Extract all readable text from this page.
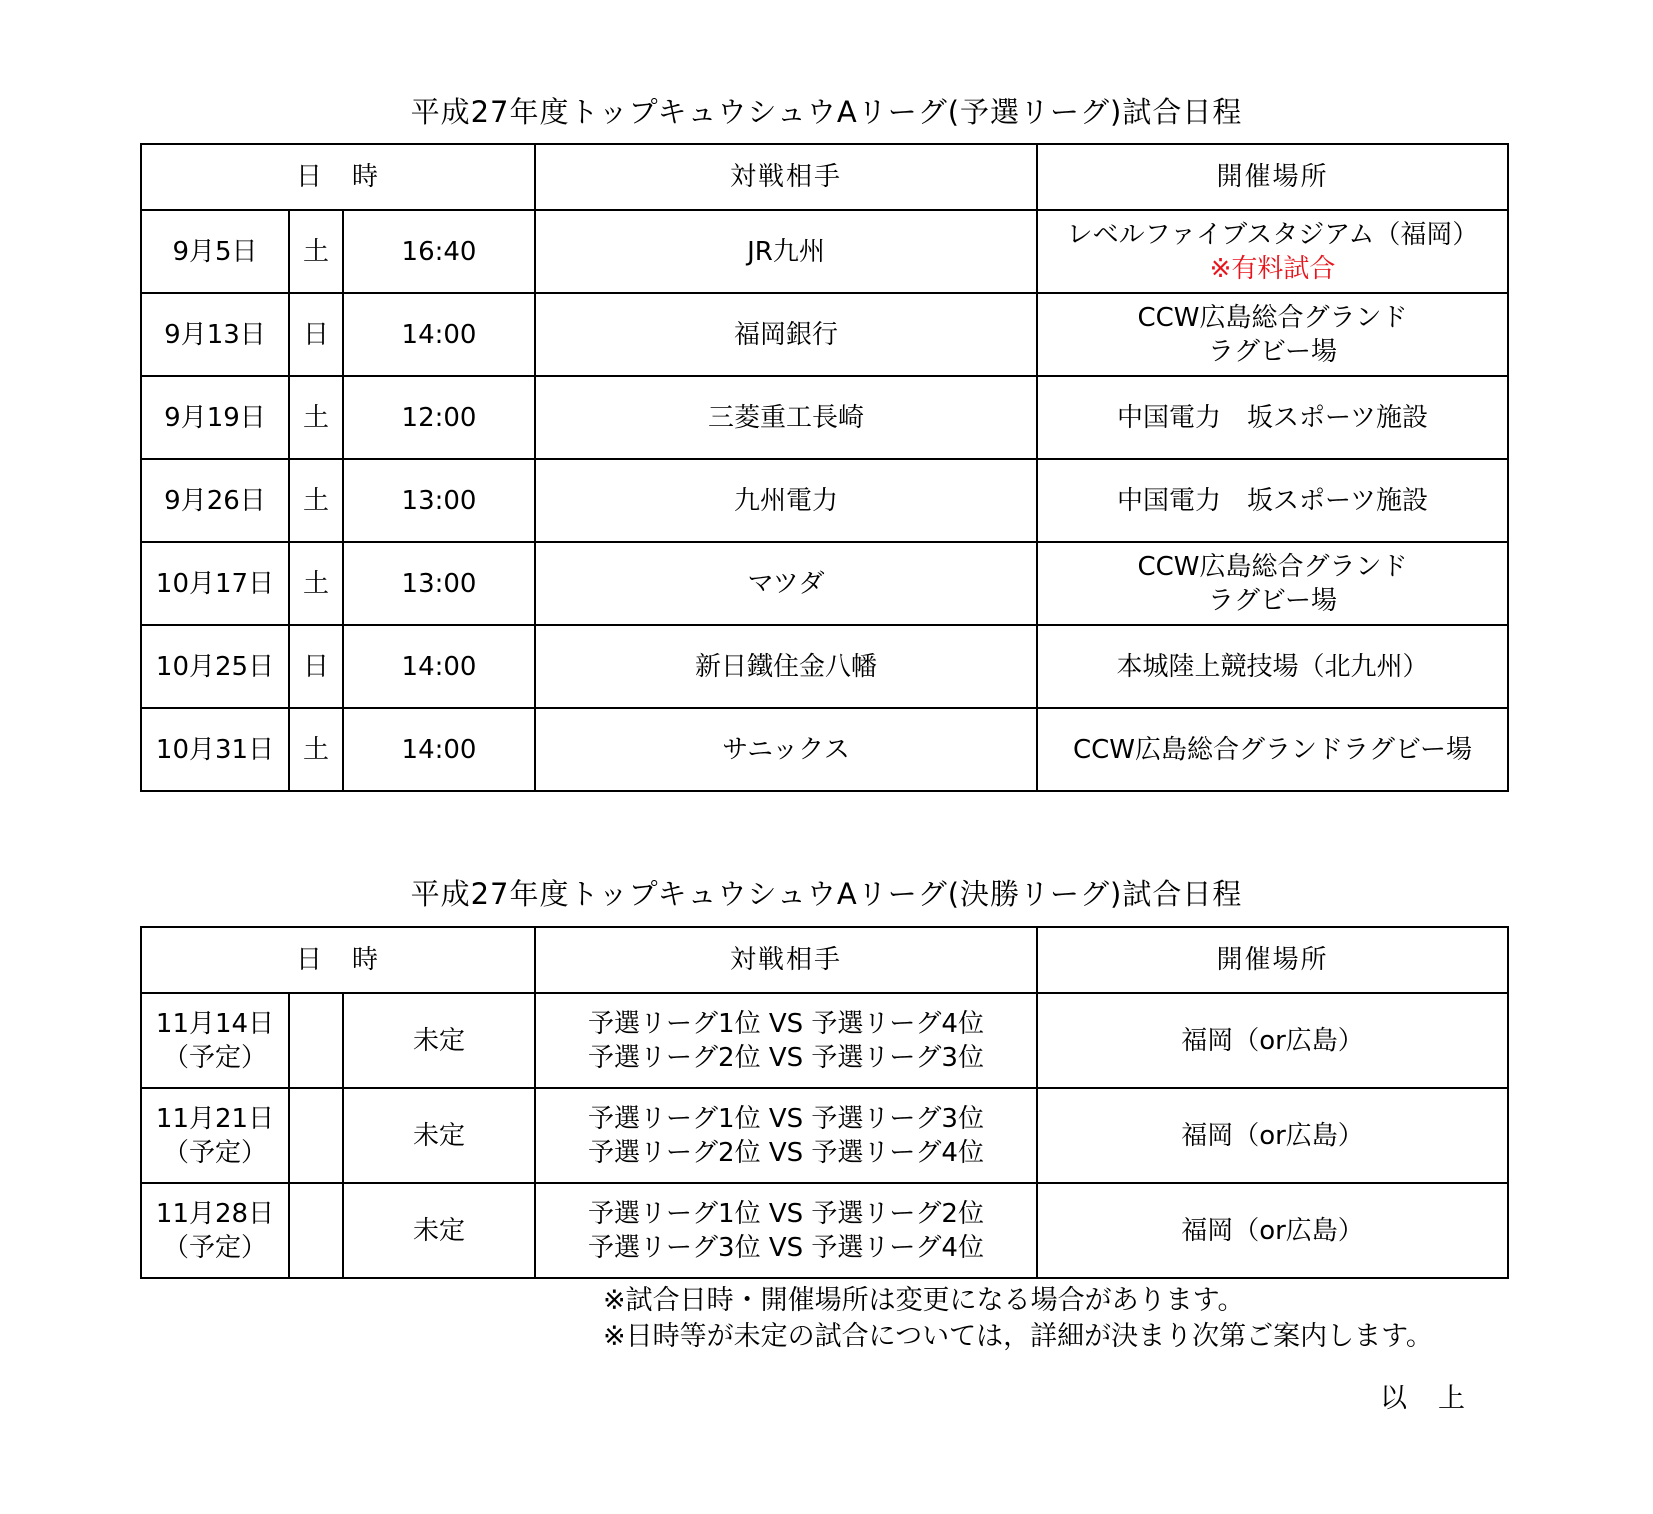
平成27年度トップキュウシュウAリーグ(予選リーグ)試合日程
日　時			対戦相手	開催場所
9月5日	土	16:40	JR九州	レベルファイブスタジアム（福岡）
※有料試合

9月13日	日	14:00	福岡銀行	CCW広島総合グランド
ラグビー場

9月19日	土	12:00	三菱重工長崎	中国電力　坂スポーツ施設

9月26日	土	13:00	九州電力	中国電力　坂スポーツ施設

10月17日	土	13:00	マツダ	CCW広島総合グランド
ラグビー場

10月25日	日	14:00	新日鐵住金八幡	本城陸上競技場（北九州）

10月31日	土	14:00	サニックス	CCW広島総合グランドラグビー場
平成27年度トップキュウシュウAリーグ(決勝リーグ)試合日程
日　時			対戦相手	開催場所

11月14日
（予定）		未定	予選リーグ1位 VS 予選リーグ4位
予選リーグ2位 VS 予選リーグ3位	福岡（or広島）

11月21日
（予定）		未定	予選リーグ1位 VS 予選リーグ3位
予選リーグ2位 VS 予選リーグ4位	福岡（or広島）

11月28日
（予定）		未定	予選リーグ1位 VS 予選リーグ2位
予選リーグ3位 VS 予選リーグ4位	福岡（or広島）
※試合日時・開催場所は変更になる場合があります。
※日時等が未定の試合については，詳細が決まり次第ご案内します。
以　上
